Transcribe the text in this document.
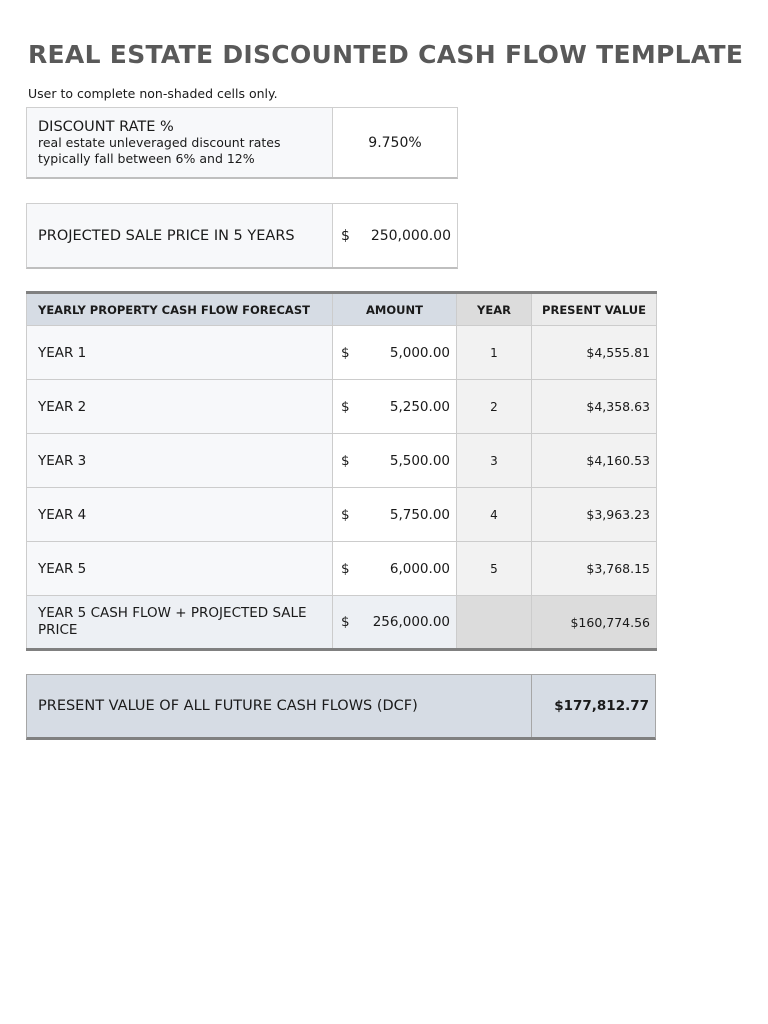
REAL ESTATE DISCOUNTED CASH FLOW TEMPLATE
User to complete non-shaded cells only.
DISCOUNT RATE %
real estate unleveraged discount rates
typically fall between 6% and 12%
9.750%
PROJECTED SALE PRICE IN 5 YEARS	$ 250,000.00
YEARLY PROPERTY CASH FLOW FORECAST	AMOUNT	YEAR	PRESENT VALUE
YEAR 1	$ 5,000.00	1	$4,555.81
YEAR 2	$ 5,250.00	2	$4,358.63
YEAR 3	$ 5,500.00	3	$4,160.53
YEAR 4	$ 5,750.00	4	$3,963.23
YEAR 5	$ 6,000.00	5	$3,768.15
YEAR 5 CASH FLOW + PROJECTED SALE PRICE	$ 256,000.00		$160,774.56
PRESENT VALUE OF ALL FUTURE CASH FLOWS (DCF)	$177,812.77
